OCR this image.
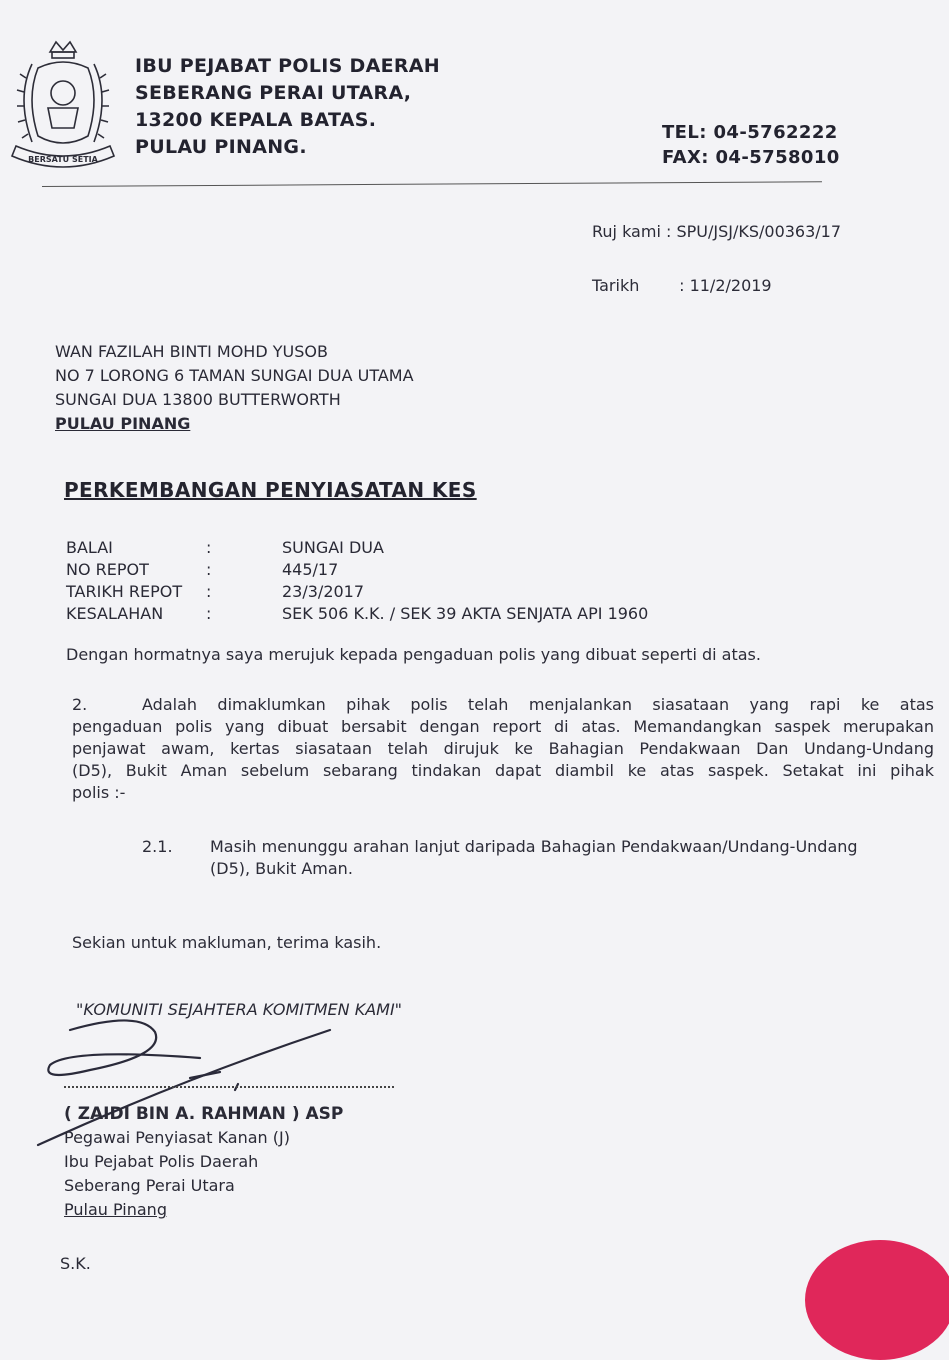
BERSATU SETIA
IBU PEJABAT POLIS DAERAH
SEBERANG PERAI UTARA,
13200 KEPALA BATAS.
PULAU PINANG.
TEL: 04-5762222
FAX: 04-5758010
Ruj kami : SPU/JSJ/KS/00363/17
Tarikh : 11/2/2019
WAN FAZILAH BINTI MOHD YUSOB
NO 7 LORONG 6 TAMAN SUNGAI DUA UTAMA
SUNGAI DUA 13800 BUTTERWORTH
PULAU PINANG
PERKEMBANGAN PENYIASATAN KES
BALAI	:	SUNGAI DUA
NO REPOT	:	445/17
TARIKH REPOT :	23/3/2017
KESALAHAN	:	SEK 506 K.K. / SEK 39 AKTA SENJATA API 1960
Dengan hormatnya saya merujuk kepada pengaduan polis yang dibuat seperti di atas.
2.	Adalah dimaklumkan pihak polis telah menjalankan siasataan yang rapi ke atas
pengaduan polis yang dibuat bersabit dengan report di atas. Memandangkan saspek merupakan
penjawat awam, kertas siasataan telah dirujuk ke Bahagian Pendakwaan Dan Undang-Undang
(D5), Bukit Aman sebelum sebarang tindakan dapat diambil ke atas saspek. Setakat ini pihak
polis :-
2.1. Masih menunggu arahan lanjut daripada Bahagian Pendakwaan/Undang-Undang
(D5), Bukit Aman.
Sekian untuk makluman, terima kasih.
"KOMUNITI SEJAHTERA KOMITMEN KAMI"
( ZAIDI BIN A. RAHMAN ) ASP
Pegawai Penyiasat Kanan (J)
Ibu Pejabat Polis Daerah
Seberang Perai Utara
Pulau Pinang
S.K.
